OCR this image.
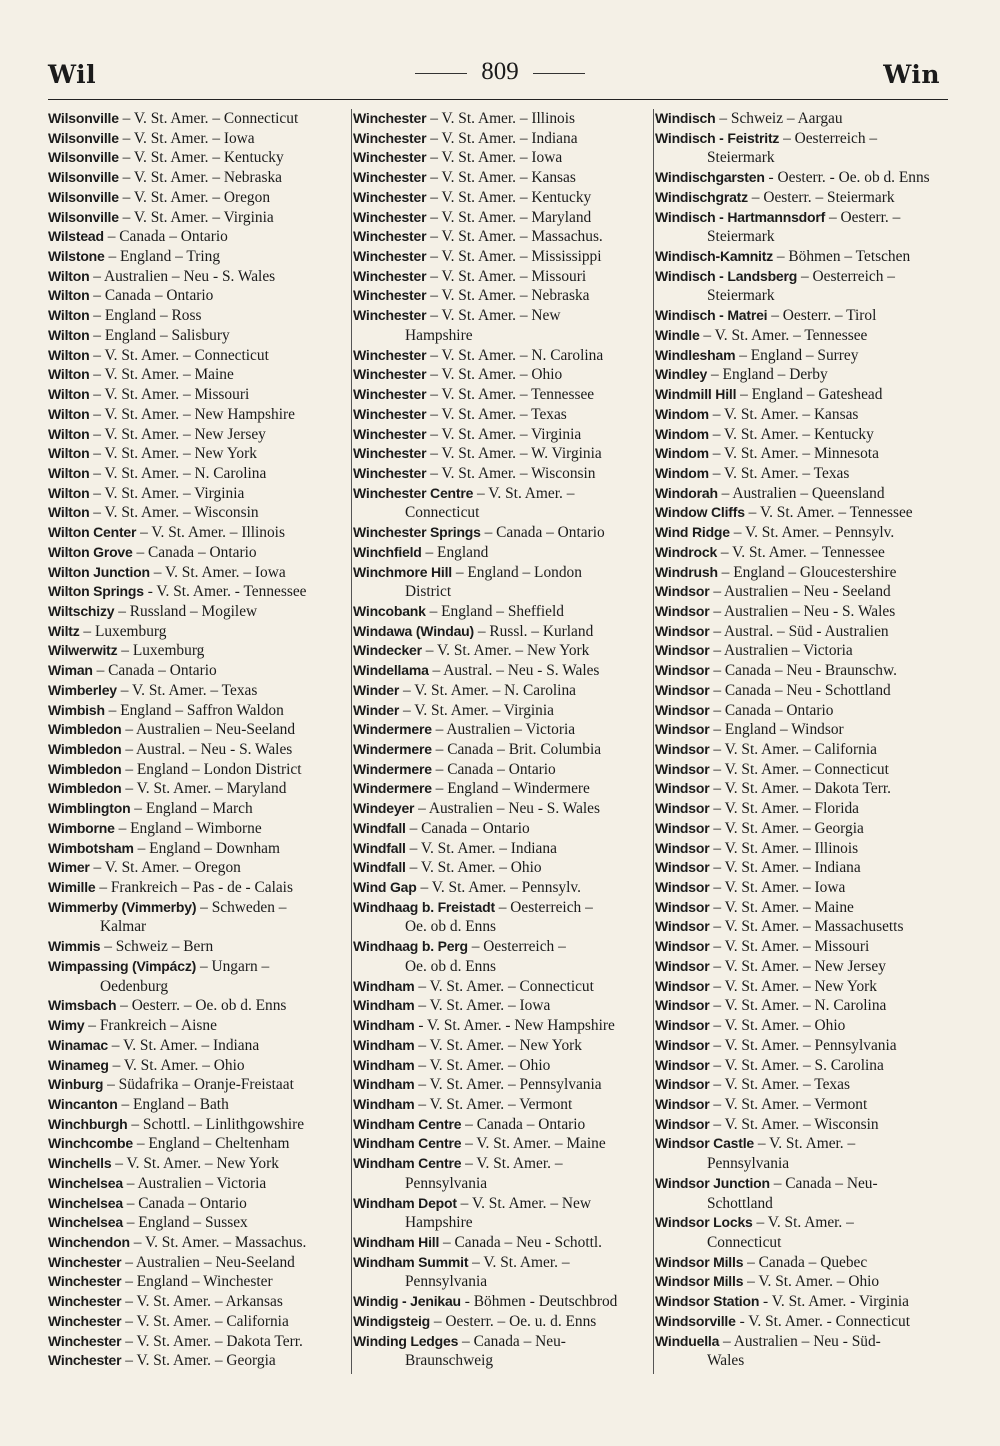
Wil	809	Win
Wilsonville – V. St. Amer. – Connecticut
Wilsonville – V. St. Amer. – Iowa
Wilsonville – V. St. Amer. – Kentucky
Wilsonville – V. St. Amer. – Nebraska
Wilsonville – V. St. Amer. – Oregon
Wilsonville – V. St. Amer. – Virginia
Wilstead – Canada – Ontario
Wilstone – England – Tring
Wilton – Australien – Neu - S. Wales
Wilton – Canada – Ontario
Wilton – England – Ross
Wilton – England – Salisbury
Wilton – V. St. Amer. – Connecticut
Wilton – V. St. Amer. – Maine
Wilton – V. St. Amer. – Missouri
Wilton – V. St. Amer. – New Hampshire
Wilton – V. St. Amer. – New Jersey
Wilton – V. St. Amer. – New York
Wilton – V. St. Amer. – N. Carolina
Wilton – V. St. Amer. – Virginia
Wilton – V. St. Amer. – Wisconsin
Wilton Center – V. St. Amer. – Illinois
Wilton Grove – Canada – Ontario
Wilton Junction – V. St. Amer. – Iowa
Wilton Springs - V. St. Amer. - Tennessee
Wiltschizy – Russland – Mogilew
Wiltz – Luxemburg
Wilwerwitz – Luxemburg
Wiman – Canada – Ontario
Wimberley – V. St. Amer. – Texas
Wimbish – England – Saffron Waldon
Wimbledon – Australien – Neu-Seeland
Wimbledon – Austral. – Neu - S. Wales
Wimbledon – England – London District
Wimbledon – V. St. Amer. – Maryland
Wimblington – England – March
Wimborne – England – Wimborne
Wimbotsham – England – Downham
Wimer – V. St. Amer. – Oregon
Wimille – Frankreich – Pas - de - Calais
Wimmerby (Vimmerby) – Schweden –
Kalmar
Wimmis – Schweiz – Bern
Wimpassing (Vimpácz) – Ungarn –
Oedenburg
Wimsbach – Oesterr. – Oe. ob d. Enns
Wimy – Frankreich – Aisne
Winamac – V. St. Amer. – Indiana
Winameg – V. St. Amer. – Ohio
Winburg – Südafrika – Oranje-Freistaat
Wincanton – England – Bath
Winchburgh – Schottl. – Linlithgowshire
Winchcombe – England – Cheltenham
Winchells – V. St. Amer. – New York
Winchelsea – Australien – Victoria
Winchelsea – Canada – Ontario
Winchelsea – England – Sussex
Winchendon – V. St. Amer. – Massachus.
Winchester – Australien – Neu-Seeland
Winchester – England – Winchester
Winchester – V. St. Amer. – Arkansas
Winchester – V. St. Amer. – California
Winchester – V. St. Amer. – Dakota Terr.
Winchester – V. St. Amer. – Georgia
Winchester – V. St. Amer. – Illinois
Winchester – V. St. Amer. – Indiana
Winchester – V. St. Amer. – Iowa
Winchester – V. St. Amer. – Kansas
Winchester – V. St. Amer. – Kentucky
Winchester – V. St. Amer. – Maryland
Winchester – V. St. Amer. – Massachus.
Winchester – V. St. Amer. – Mississippi
Winchester – V. St. Amer. – Missouri
Winchester – V. St. Amer. – Nebraska
Winchester – V. St. Amer. – New
Hampshire
Winchester – V. St. Amer. – N. Carolina
Winchester – V. St. Amer. – Ohio
Winchester – V. St. Amer. – Tennessee
Winchester – V. St. Amer. – Texas
Winchester – V. St. Amer. – Virginia
Winchester – V. St. Amer. – W. Virginia
Winchester – V. St. Amer. – Wisconsin
Winchester Centre – V. St. Amer. –
Connecticut
Winchester Springs – Canada – Ontario
Winchfield – England
Winchmore Hill – England – London
District
Wincobank – England – Sheffield
Windawa (Windau) – Russl. – Kurland
Windecker – V. St. Amer. – New York
Windellama – Austral. – Neu - S. Wales
Winder – V. St. Amer. – N. Carolina
Winder – V. St. Amer. – Virginia
Windermere – Australien – Victoria
Windermere – Canada – Brit. Columbia
Windermere – Canada – Ontario
Windermere – England – Windermere
Windeyer – Australien – Neu - S. Wales
Windfall – Canada – Ontario
Windfall – V. St. Amer. – Indiana
Windfall – V. St. Amer. – Ohio
Wind Gap – V. St. Amer. – Pennsylv.
Windhaag b. Freistadt – Oesterreich –
Oe. ob d. Enns
Windhaag b. Perg – Oesterreich –
Oe. ob d. Enns
Windham – V. St. Amer. – Connecticut
Windham – V. St. Amer. – Iowa
Windham - V. St. Amer. - New Hampshire
Windham – V. St. Amer. – New York
Windham – V. St. Amer. – Ohio
Windham – V. St. Amer. – Pennsylvania
Windham – V. St. Amer. – Vermont
Windham Centre – Canada – Ontario
Windham Centre – V. St. Amer. – Maine
Windham Centre – V. St. Amer. –
Pennsylvania
Windham Depot – V. St. Amer. – New
Hampshire
Windham Hill – Canada – Neu - Schottl.
Windham Summit – V. St. Amer. –
Pennsylvania
Windig - Jenikau - Böhmen - Deutschbrod
Windigsteig – Oesterr. – Oe. u. d. Enns
Winding Ledges – Canada – Neu-
Braunschweig
Windisch – Schweiz – Aargau
Windisch - Feistritz – Oesterreich –
Steiermark
Windischgarsten - Oesterr. - Oe. ob d. Enns
Windischgratz – Oesterr. – Steiermark
Windisch - Hartmannsdorf – Oesterr. –
Steiermark
Windisch-Kamnitz – Böhmen – Tetschen
Windisch - Landsberg – Oesterreich –
Steiermark
Windisch - Matrei – Oesterr. – Tirol
Windle – V. St. Amer. – Tennessee
Windlesham – England – Surrey
Windley – England – Derby
Windmill Hill – England – Gateshead
Windom – V. St. Amer. – Kansas
Windom – V. St. Amer. – Kentucky
Windom – V. St. Amer. – Minnesota
Windom – V. St. Amer. – Texas
Windorah – Australien – Queensland
Window Cliffs – V. St. Amer. – Tennessee
Wind Ridge – V. St. Amer. – Pennsylv.
Windrock – V. St. Amer. – Tennessee
Windrush – England – Gloucestershire
Windsor – Australien – Neu - Seeland
Windsor – Australien – Neu - S. Wales
Windsor – Austral. – Süd - Australien
Windsor – Australien – Victoria
Windsor – Canada – Neu - Braunschw.
Windsor – Canada – Neu - Schottland
Windsor – Canada – Ontario
Windsor – England – Windsor
Windsor – V. St. Amer. – California
Windsor – V. St. Amer. – Connecticut
Windsor – V. St. Amer. – Dakota Terr.
Windsor – V. St. Amer. – Florida
Windsor – V. St. Amer. – Georgia
Windsor – V. St. Amer. – Illinois
Windsor – V. St. Amer. – Indiana
Windsor – V. St. Amer. – Iowa
Windsor – V. St. Amer. – Maine
Windsor – V. St. Amer. – Massachusetts
Windsor – V. St. Amer. – Missouri
Windsor – V. St. Amer. – New Jersey
Windsor – V. St. Amer. – New York
Windsor – V. St. Amer. – N. Carolina
Windsor – V. St. Amer. – Ohio
Windsor – V. St. Amer. – Pennsylvania
Windsor – V. St. Amer. – S. Carolina
Windsor – V. St. Amer. – Texas
Windsor – V. St. Amer. – Vermont
Windsor – V. St. Amer. – Wisconsin
Windsor Castle – V. St. Amer. –
Pennsylvania
Windsor Junction – Canada – Neu-
Schottland
Windsor Locks – V. St. Amer. –
Connecticut
Windsor Mills – Canada – Quebec
Windsor Mills – V. St. Amer. – Ohio
Windsor Station - V. St. Amer. - Virginia
Windsorville - V. St. Amer. - Connecticut
Winduella – Australien – Neu - Süd-
Wales
